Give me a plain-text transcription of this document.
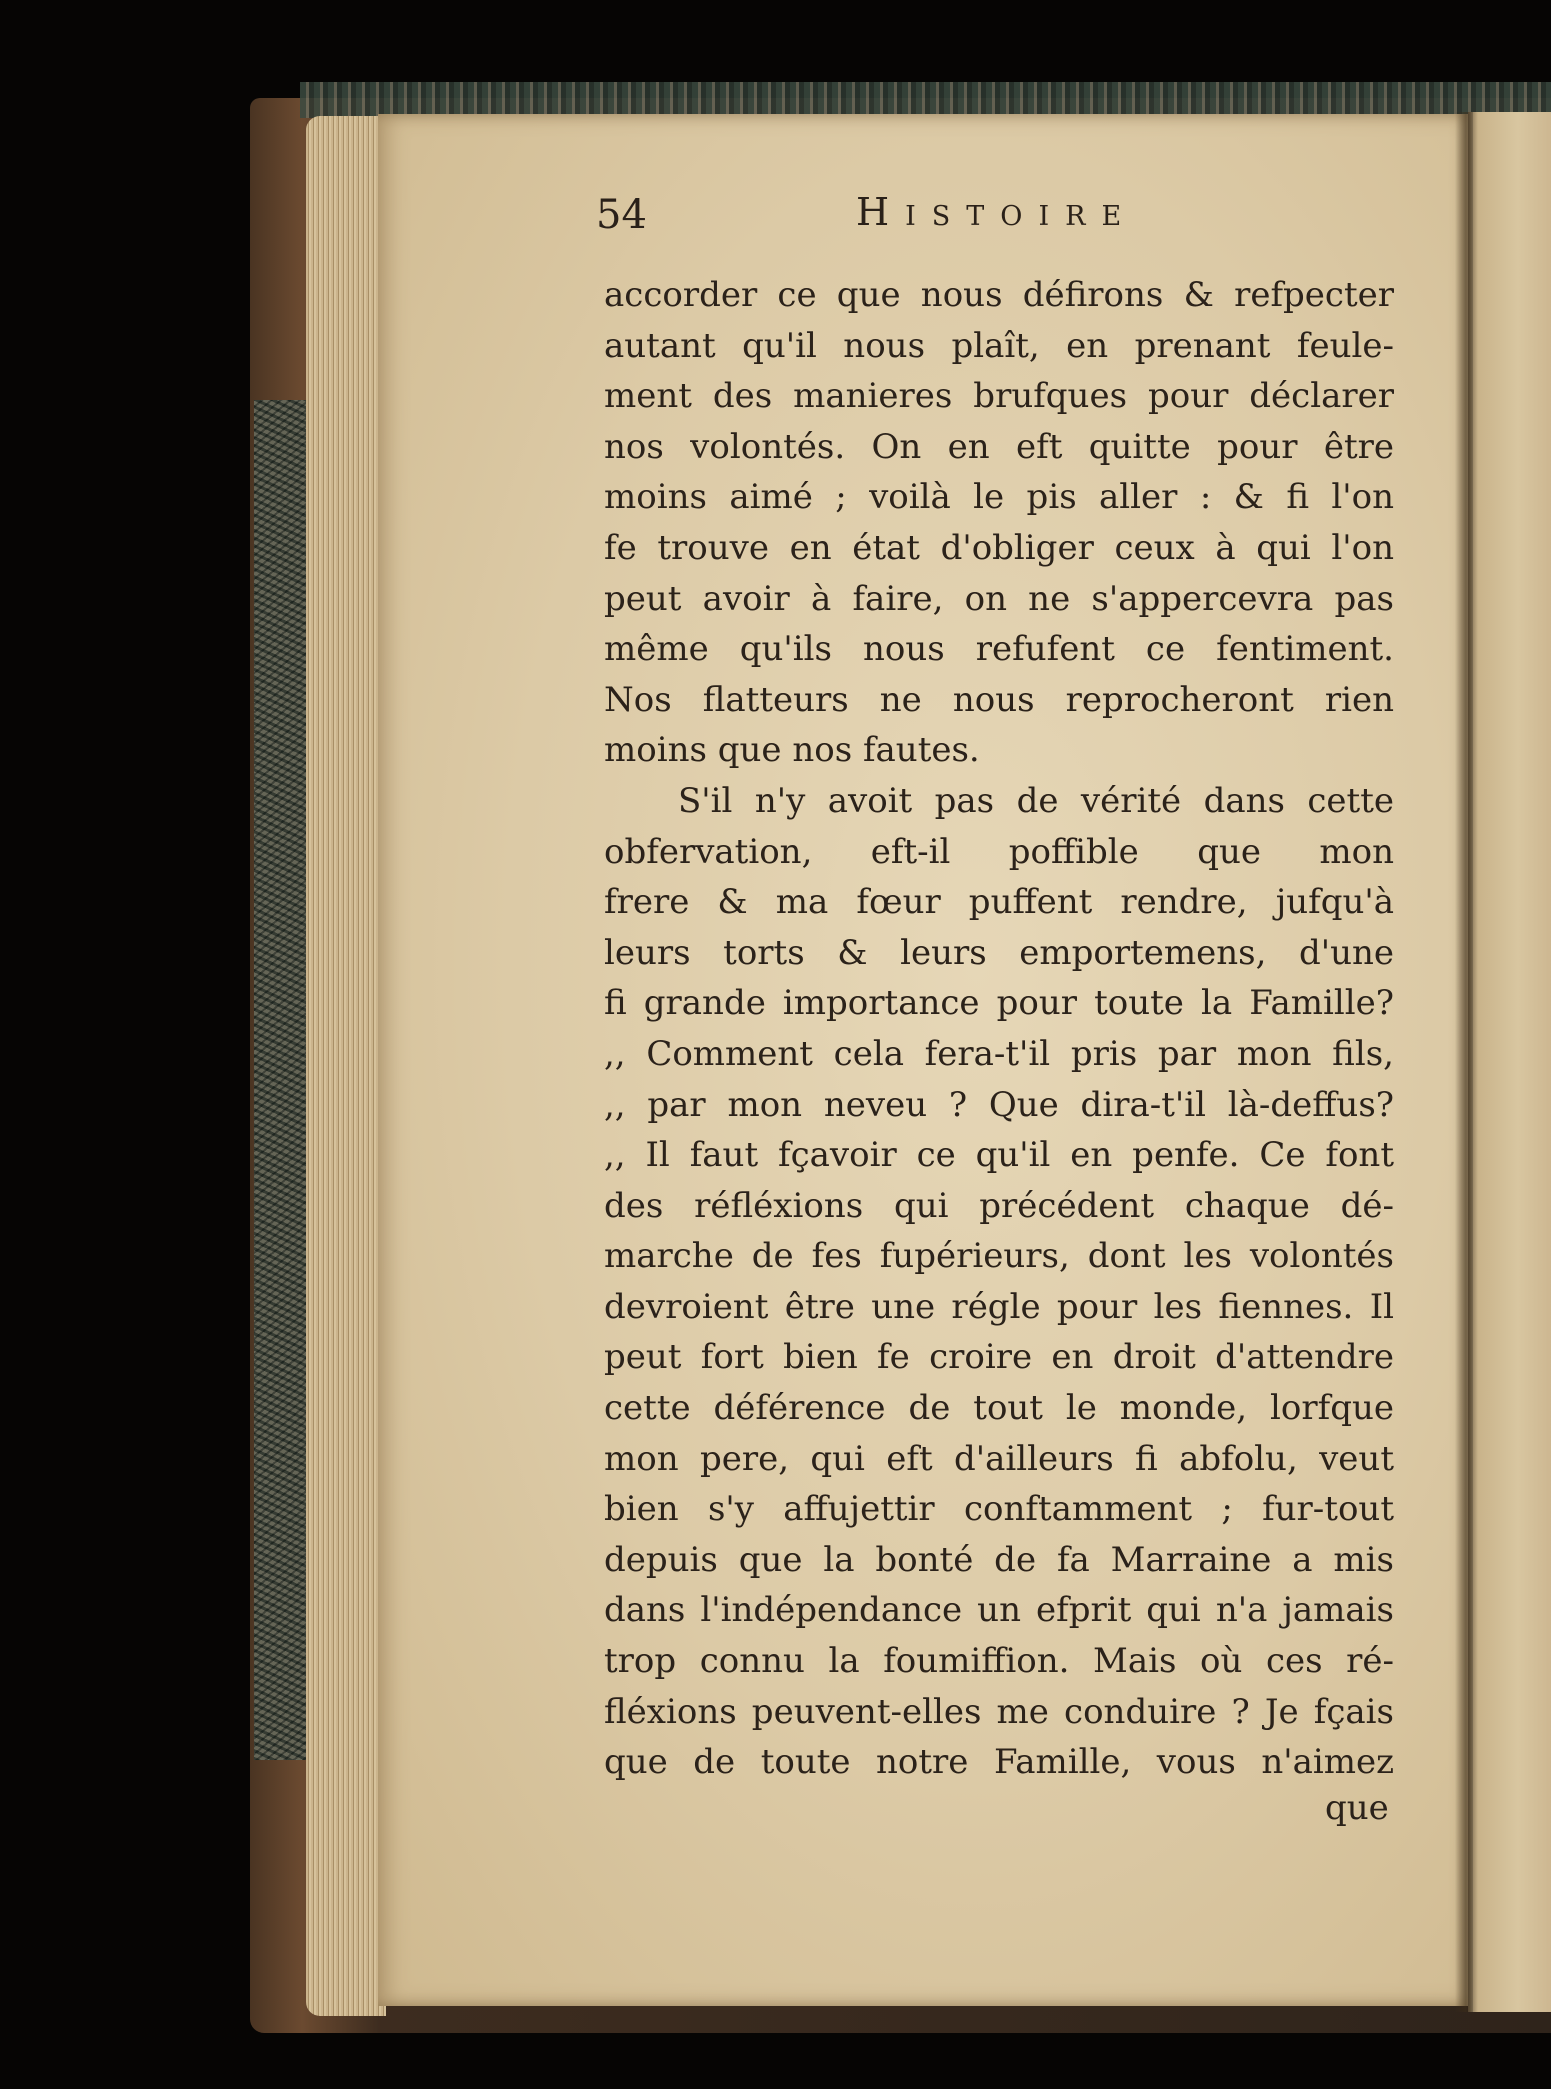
54	Histoire
accorder ce que nous défirons & refpecter
autant qu'il nous plaît, en prenant feule-
ment des manieres brufques pour déclarer
nos volontés. On en eft quitte pour être
moins aimé ; voilà le pis aller : & fi l'on
fe trouve en état d'obliger ceux à qui l'on
peut avoir à faire, on ne s'appercevra pas
même qu'ils nous refufent ce fentiment.
Nos flatteurs ne nous reprocheront rien
moins que nos fautes.
S'il n'y avoit pas de vérité dans cette
obfervation, eft-il poffible que mon
frere & ma fœur puffent rendre, jufqu'à
leurs torts & leurs emportemens, d'une
fi grande importance pour toute la Famille?
,, Comment cela fera-t'il pris par mon fils,
,, par mon neveu ? Que dira-t'il là-deffus?
,, Il faut fçavoir ce qu'il en penfe. Ce font
des réfléxions qui précédent chaque dé-
marche de fes fupérieurs, dont les volontés
devroient être une régle pour les fiennes. Il
peut fort bien fe croire en droit d'attendre
cette déférence de tout le monde, lorfque
mon pere, qui eft d'ailleurs fi abfolu, veut
bien s'y affujettir conftamment ; fur-tout
depuis que la bonté de fa Marraine a mis
dans l'indépendance un efprit qui n'a jamais
trop connu la foumiffion. Mais où ces ré-
fléxions peuvent-elles me conduire ? Je fçais
que de toute notre Famille, vous n'aimez
que
